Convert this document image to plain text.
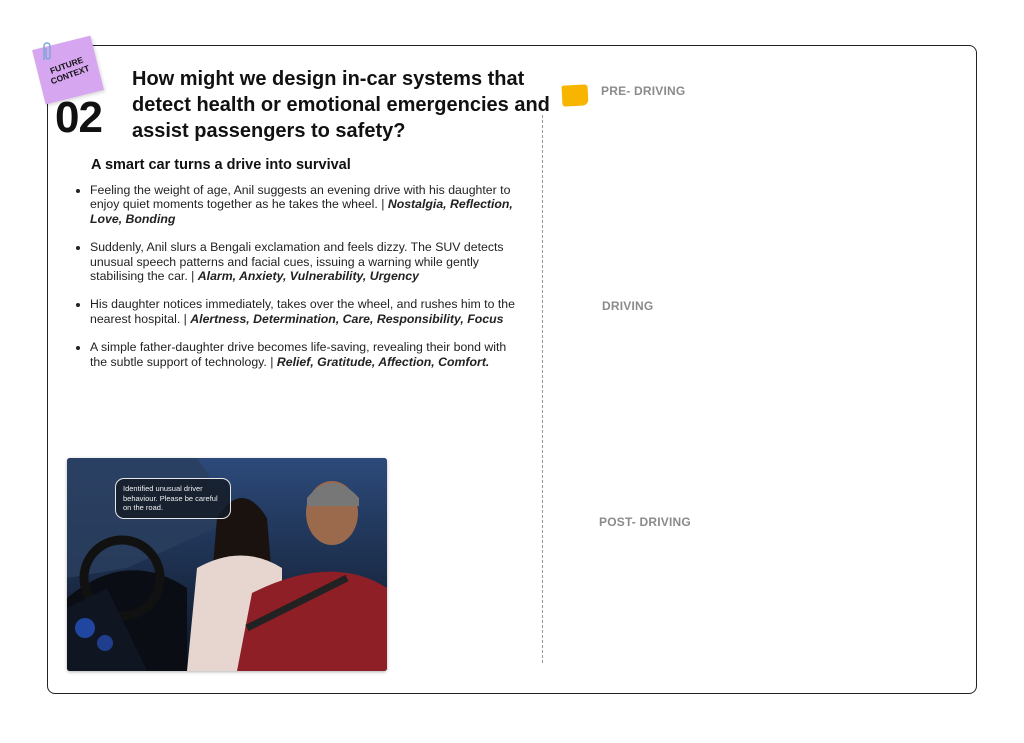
FUTURE
CONTEXT
02
How might we design in-car systems that detect health or emotional emergencies and assist passengers to safety?
A smart car turns a drive into survival
• Feeling the weight of age, Anil suggests an evening drive with his daughter to enjoy quiet moments together as he takes the wheel. | Nostalgia, Reflection, Love, Bonding
• Suddenly, Anil slurs a Bengali exclamation and feels dizzy. The SUV detects unusual speech patterns and facial cues, issuing a warning while gently stabilising the car. | Alarm, Anxiety, Vulnerability, Urgency
• His daughter notices immediately, takes over the wheel, and rushes him to the nearest hospital. | Alertness, Determination, Care, Responsibility, Focus
• A simple father-daughter drive becomes life-saving, revealing their bond with the subtle support of technology. | Relief, Gratitude, Affection, Comfort.
Identified unusual driver behaviour. Please be careful on the road.
PRE- DRIVING
DRIVING
POST- DRIVING
